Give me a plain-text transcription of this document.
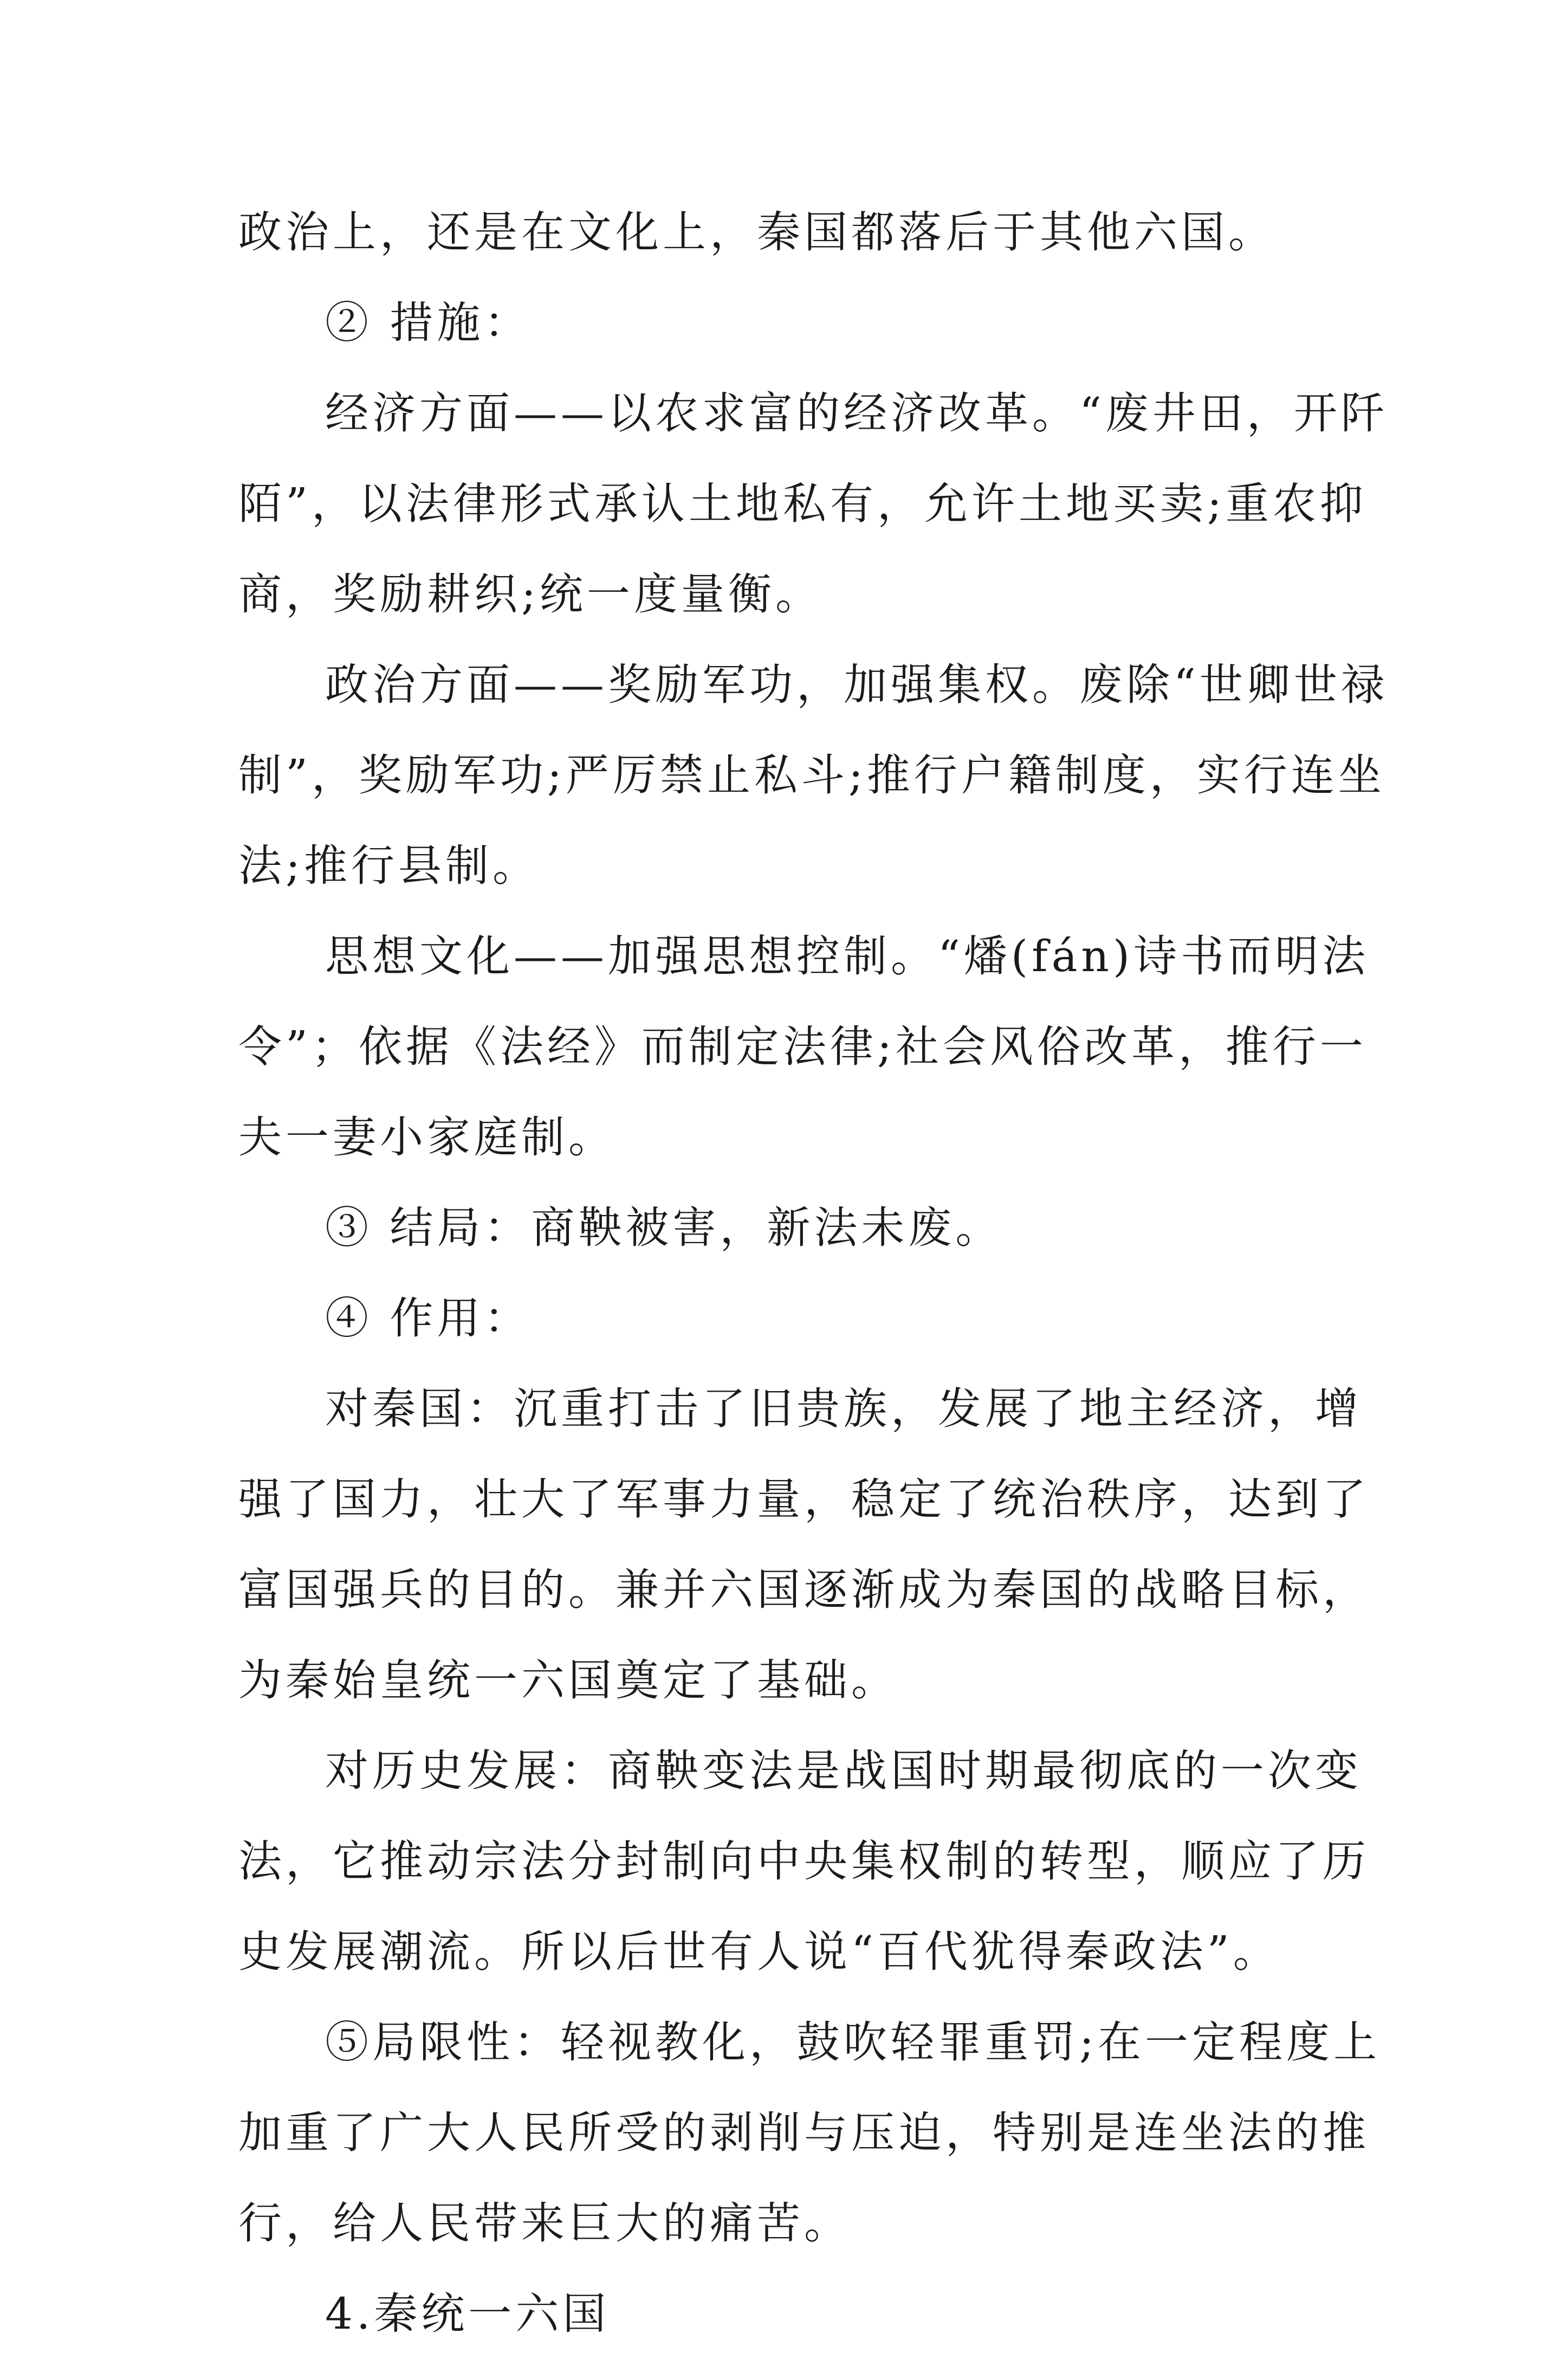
政治上，还是在文化上，秦国都落后于其他六国。

② 措施：

经济方面——以农求富的经济改革。“废井田，开阡陌”，以法律形式承认土地私有，允许土地买卖;重农抑商，奖励耕织;统一度量衡。

政治方面——奖励军功，加强集权。废除“世卿世禄制”，奖励军功;严厉禁止私斗;推行户籍制度，实行连坐法;推行县制。

思想文化——加强思想控制。“燔(fán)诗书而明法令”；依据《法经》而制定法律;社会风俗改革，推行一夫一妻小家庭制。

③ 结局：商鞅被害，新法未废。

④ 作用：

对秦国：沉重打击了旧贵族，发展了地主经济，增强了国力，壮大了军事力量，稳定了统治秩序，达到了富国强兵的目的。兼并六国逐渐成为秦国的战略目标，为秦始皇统一六国奠定了基础。

对历史发展：商鞅变法是战国时期最彻底的一次变法，它推动宗法分封制向中央集权制的转型，顺应了历史发展潮流。所以后世有人说“百代犹得秦政法”。

⑤局限性：轻视教化，鼓吹轻罪重罚;在一定程度上加重了广大人民所受的剥削与压迫，特别是连坐法的推行，给人民带来巨大的痛苦。

4.秦统一六国
